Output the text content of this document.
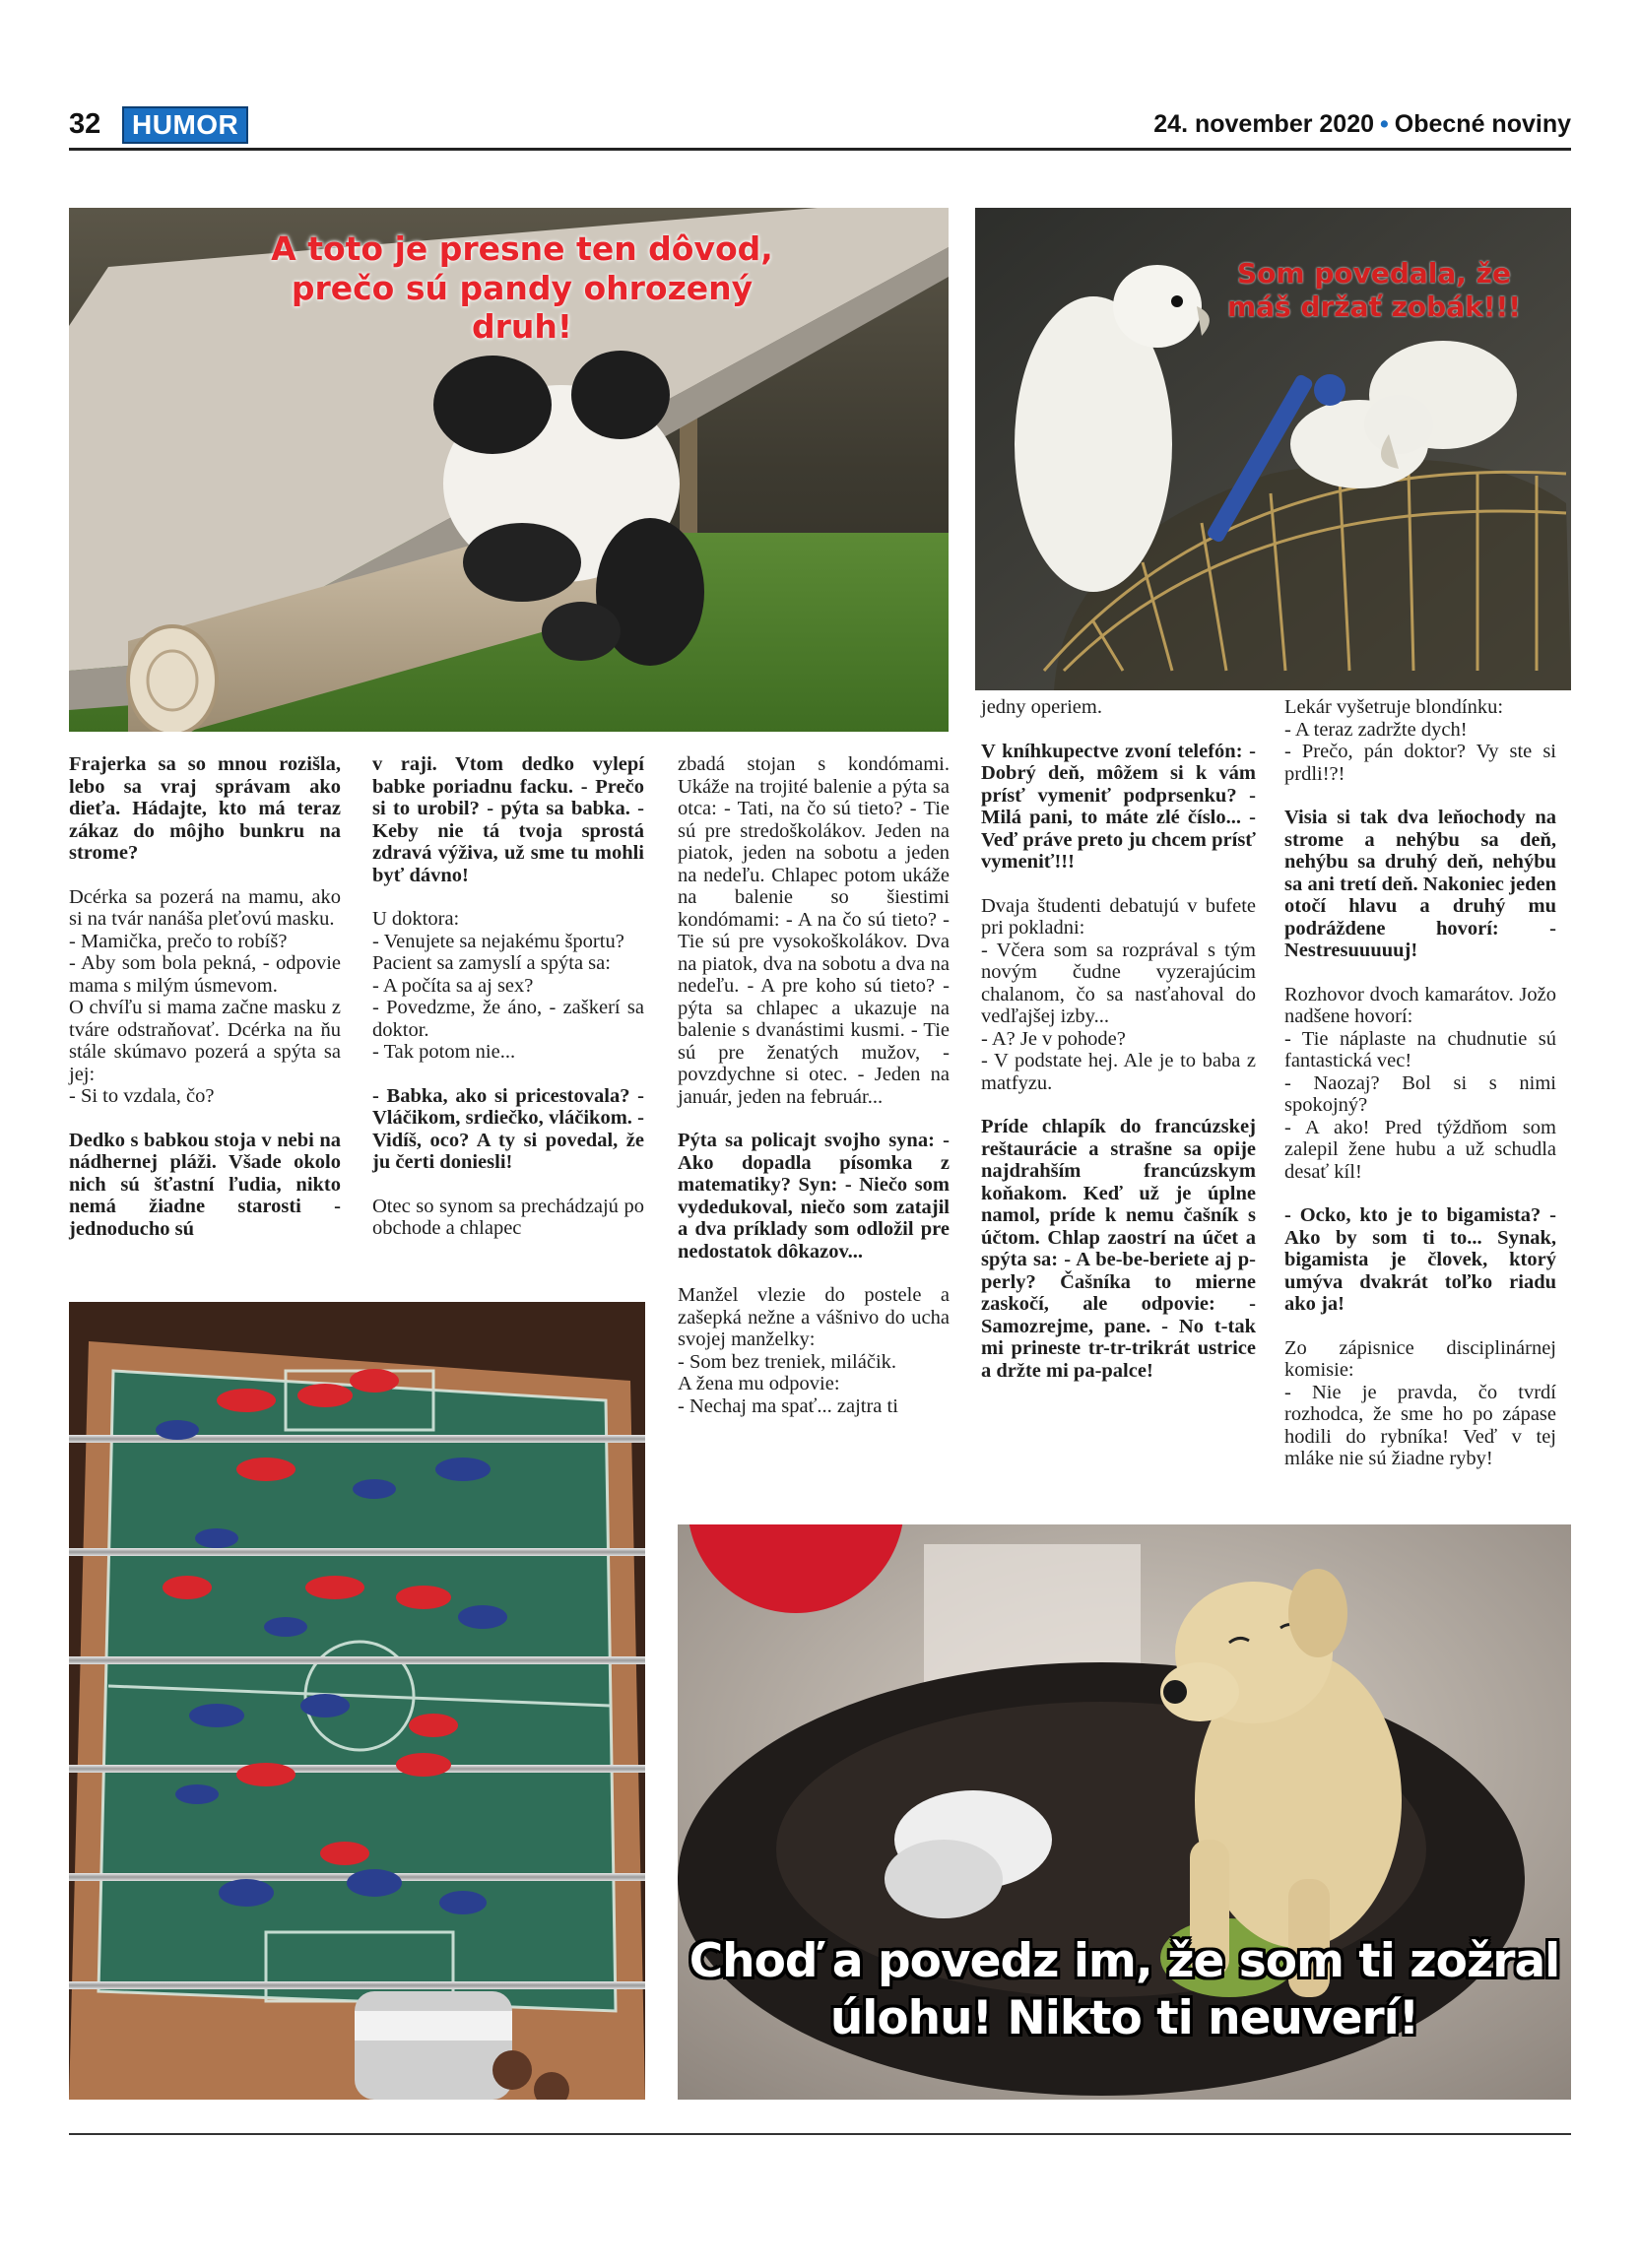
32	HUMOR	24. november 2020 • Obecné noviny
A toto je presne ten dôvod, prečo sú pandy ohrozený druh!
Som povedala, že máš držať zobák!!!

Frajerka sa so mnou rozišla, lebo sa vraj správam ako dieťa. Hádajte, kto má teraz zákaz do môjho bunkru na strome?

Dcérka sa pozerá na mamu, ako si na tvár nanáša pleťovú masku.
- Mamička, prečo to robíš?
- Aby som bola pekná, - odpovie mama s milým úsmevom.
O chvíľu si mama začne masku z tváre odstraňovať. Dcérka na ňu stále skúmavo pozerá a spýta sa jej:
- Si to vzdala, čo?

Dedko s babkou stoja v nebi na nádhernej pláži. Všade okolo nich sú šťastní ľudia, nikto nemá žiadne starosti - jednoducho sú

v raji. Vtom dedko vylepí babke poriadnu facku. - Prečo si to urobil? - pýta sa babka. - Keby nie tá tvoja sprostá zdravá výživa, už sme tu mohli byť dávno!

U doktora:
- Venujete sa nejakému športu?
Pacient sa zamyslí a spýta sa:
- A počíta sa aj sex?
- Povedzme, že áno, - zaškerí sa doktor.
- Tak potom nie...

- Babka, ako si pricestovala? - Vláčikom, srdiečko, vláčikom. - Vidíš, oco? A ty si povedal, že ju čerti doniesli!

Otec so synom sa prechádzajú po obchode a chlapec

zbadá stojan s kondómami. Ukáže na trojité balenie a pýta sa otca: - Tati, na čo sú tieto? - Tie sú pre stredoškolákov. Jeden na piatok, jeden na sobotu a jeden na nedeľu. Chlapec potom ukáže na balenie so šiestimi kondómami: - A na čo sú tieto? - Tie sú pre vysokoškolákov. Dva na piatok, dva na sobotu a dva na nedeľu. - A pre koho sú tieto? - pýta sa chlapec a ukazuje na balenie s dvanástimi kusmi. - Tie sú pre ženatých mužov, - povzdychne si otec. - Jeden na január, jeden na február...

Pýta sa policajt svojho syna: - Ako dopadla písomka z matematiky? Syn: - Niečo som vydedukoval, niečo som zatajil a dva príklady som odložil pre nedostatok dôkazov...

Manžel vlezie do postele a zašepká nežne a vášnivo do ucha svojej manželky:
- Som bez treniek, miláčik.
A žena mu odpovie:
- Nechaj ma spať... zajtra ti

jedny operiem.

V kníhkupectve zvoní telefón: - Dobrý deň, môžem si k vám prísť vymeniť podprsenku? - Milá pani, to máte zlé číslo... - Veď práve preto ju chcem prísť vymeniť!!!

Dvaja študenti debatujú v bufete pri pokladni:
- Včera som sa rozprával s tým novým čudne vyzerajúcim chalanom, čo sa nasťahoval do vedľajšej izby...
- A? Je v pohode?
- V podstate hej. Ale je to baba z matfyzu.

Príde chlapík do francúzskej reštaurácie a strašne sa opije najdrahším francúzskym koňakom. Keď už je úplne namol, príde k nemu čašník s účtom. Chlap zaostrí na účet a spýta sa: - A be-be-beriete aj p-perly? Čašníka to mierne zaskočí, ale odpovie: - Samozrejme, pane. - No t-tak mi prineste tr-tr-trikrát ustrice a držte mi pa-palce!

Lekár vyšetruje blondínku:
- A teraz zadržte dych!
- Prečo, pán doktor? Vy ste si prdli!?!

Visia si tak dva leňochody na strome a nehýbu sa deň, nehýbu sa druhý deň, nehýbu sa ani tretí deň. Nakoniec jeden otočí hlavu a druhý mu podráždene hovorí: - Nestresuuuuuj!

Rozhovor dvoch kamarátov. Jožo nadšene hovorí:
- Tie náplaste na chudnutie sú fantastická vec!
- Naozaj? Bol si s nimi spokojný?
- A ako! Pred týždňom som zalepil žene hubu a už schudla desať kíl!

- Ocko, kto je to bigamista? - Ako by som ti to... Synak, bigamista je človek, ktorý umýva dvakrát toľko riadu ako ja!

Zo zápisnice disciplinárnej komisie:
- Nie je pravda, čo tvrdí rozhodca, že sme ho po zápase hodili do rybníka! Veď v tej mláke nie sú žiadne ryby!

Choď a povedz im, že som ti zožral úlohu! Nikto ti neuverí!
